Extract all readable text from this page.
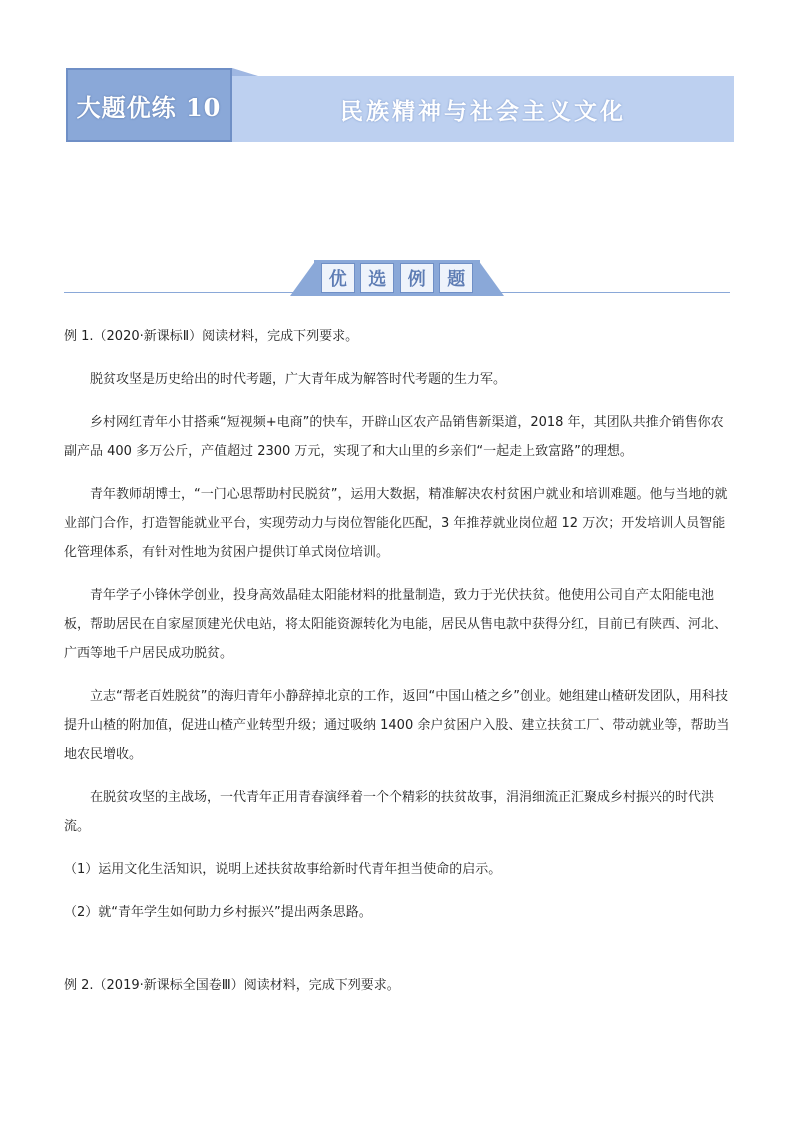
大题优练 10	民族精神与社会主义文化
优	选	例	题

例 1.（2020·新课标Ⅱ）阅读材料，完成下列要求。

脱贫攻坚是历史给出的时代考题，广大青年成为解答时代考题的生力军。

乡村网红青年小甘搭乘“短视频+电商”的快车，开辟山区农产品销售新渠道，2018 年，其团队共推介销售你农副产品 400 多万公斤，产值超过 2300 万元，实现了和大山里的乡亲们“一起走上致富路”的理想。

青年教师胡博士，“一门心思帮助村民脱贫”，运用大数据，精准解决农村贫困户就业和培训难题。他与当地的就业部门合作，打造智能就业平台，实现劳动力与岗位智能化匹配，3 年推荐就业岗位超 12 万次；开发培训人员智能化管理体系，有针对性地为贫困户提供订单式岗位培训。

青年学子小锋休学创业，投身高效晶硅太阳能材料的批量制造，致力于光伏扶贫。他使用公司自产太阳能电池板，帮助居民在自家屋顶建光伏电站，将太阳能资源转化为电能，居民从售电款中获得分红，目前已有陕西、河北、广西等地千户居民成功脱贫。

立志“帮老百姓脱贫”的海归青年小静辞掉北京的工作，返回“中国山楂之乡”创业。她组建山楂研发团队，用科技提升山楂的附加值，促进山楂产业转型升级；通过吸纳 1400 余户贫困户入股、建立扶贫工厂、带动就业等，帮助当地农民增收。

在脱贫攻坚的主战场，一代青年正用青春演绎着一个个精彩的扶贫故事，涓涓细流正汇聚成乡村振兴的时代洪流。

（1）运用文化生活知识，说明上述扶贫故事给新时代青年担当使命的启示。

（2）就“青年学生如何助力乡村振兴”提出两条思路。

例 2.（2019·新课标全国卷Ⅲ）阅读材料，完成下列要求。
